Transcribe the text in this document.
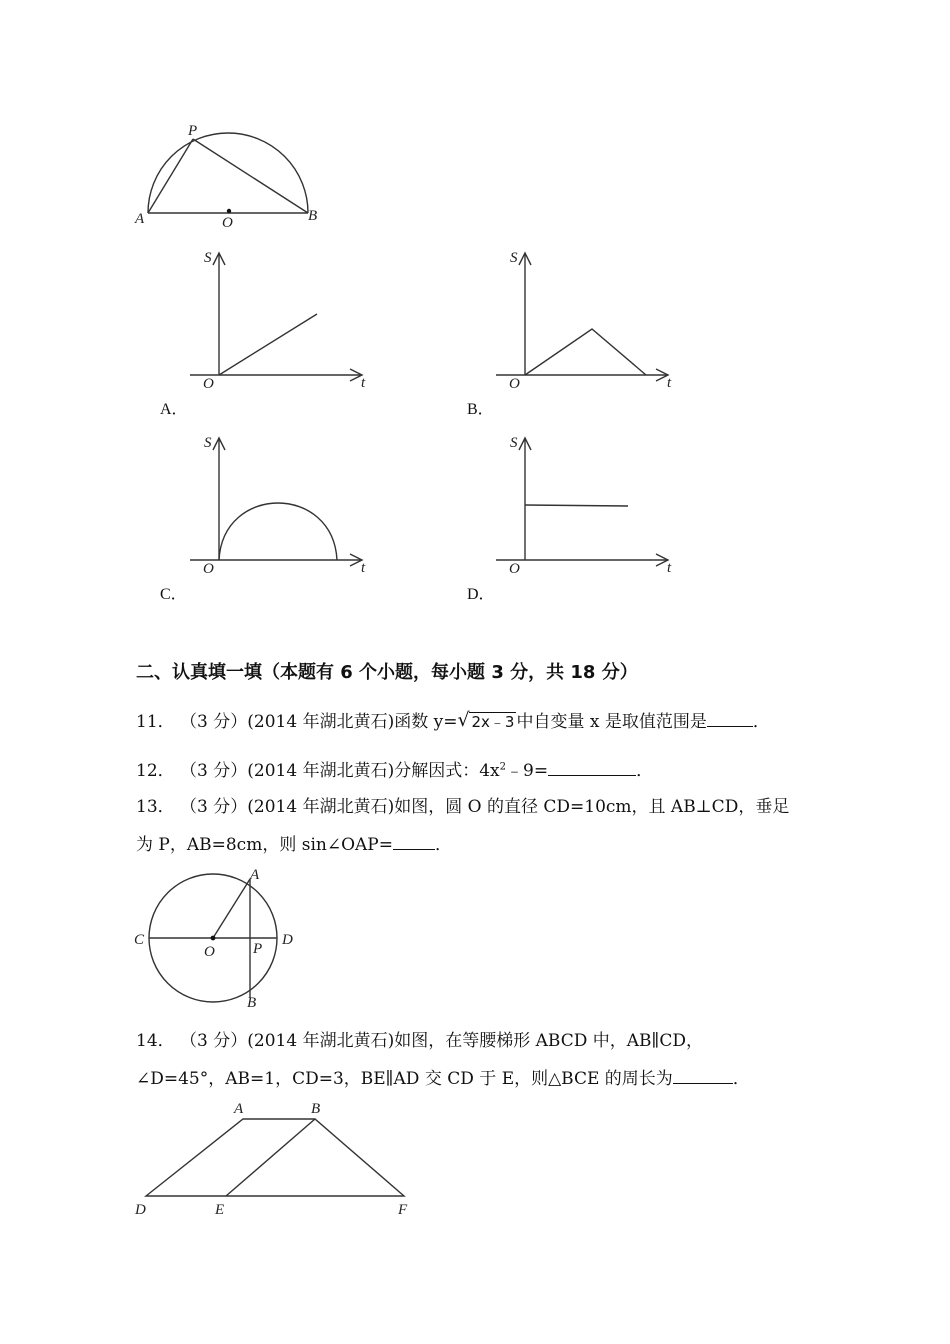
P
A	O	B
S
O	t
A．
S
O	t
B．
S
O	t
C．
S
O	t
D．
二、认真填一填（本题有 6 个小题，每小题 3 分，共 18 分）
11． （3 分）(2014 年湖北黄石)函数 y= √ 2x﹣3 中自变量 x 是取值范围是	．
12． （3 分）(2014 年湖北黄石)分解因式：$4x^2﹣9=$	．
13． （3 分）(2014 年湖北黄石)如图，圆 O 的直径 CD=10cm，且 AB⊥CD，垂足
为 P，AB=8cm，则 sin∠OAP= ．
A
C
O	P
D
B
14． （3 分）(2014 年湖北黄石)如图，在等腰梯形 ABCD 中，AB∥CD，
∠D=45°，AB=1，CD=3，BE∥AD 交 CD 于 E，则△BCE 的周长为	．
A	B
D	E	F
